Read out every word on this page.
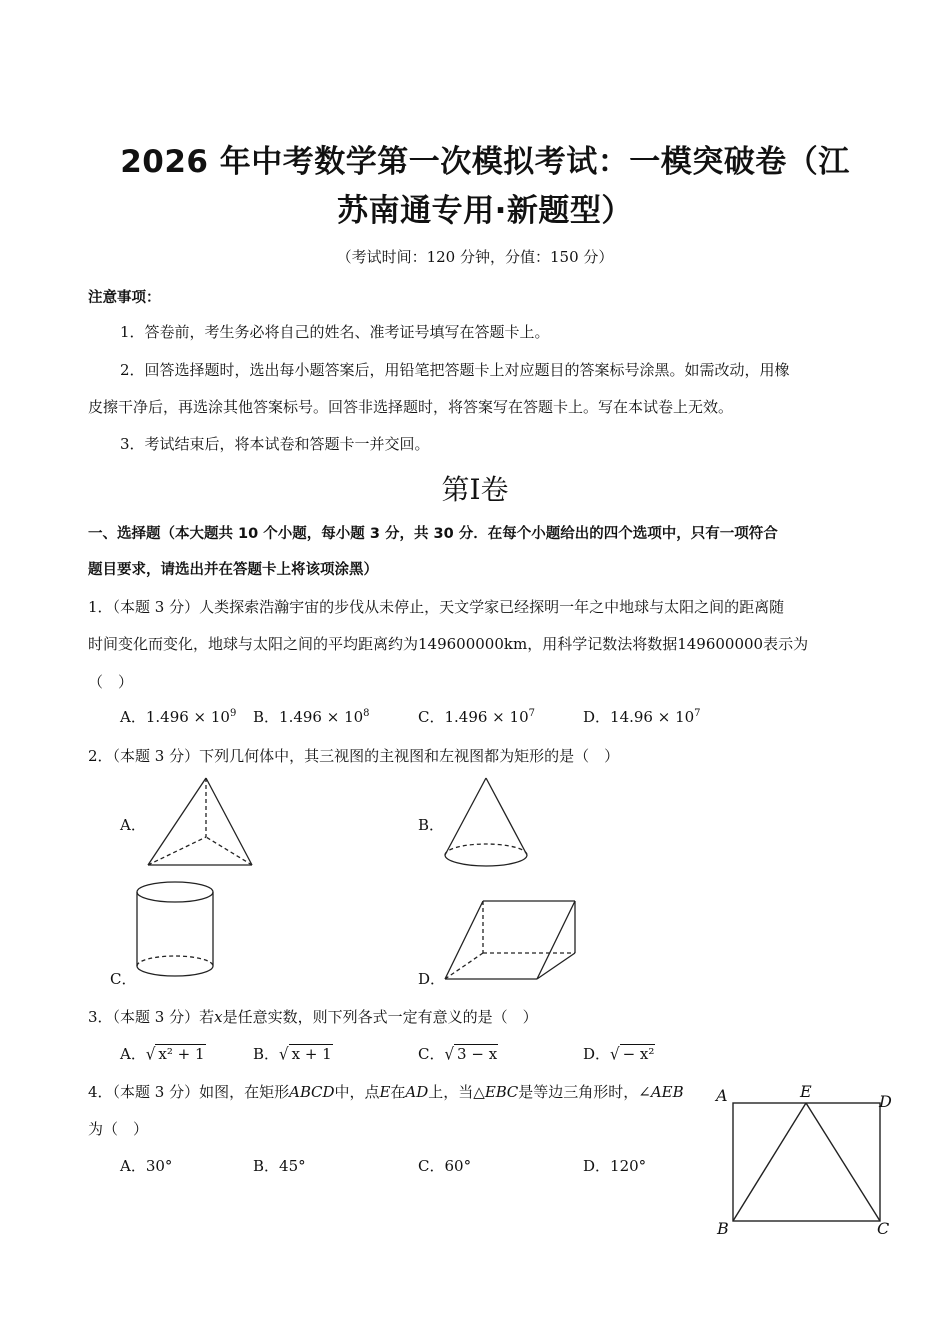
2026 年中考数学第一次模拟考试：一模突破卷（江
苏南通专用·新题型）
（考试时间：120 分钟，分值：150 分）
注意事项：
1．答卷前，考生务必将自己的姓名、准考证号填写在答题卡上。
2．回答选择题时，选出每小题答案后，用铅笔把答题卡上对应题目的答案标号涂黑。如需改动，用橡
皮擦干净后，再选涂其他答案标号。回答非选择题时，将答案写在答题卡上。写在本试卷上无效。
3．考试结束后，将本试卷和答题卡一并交回。
第I卷
一、选择题（本大题共 10 个小题，每小题 3 分，共 30 分．在每个小题给出的四个选项中，只有一项符合
题目要求，请选出并在答题卡上将该项涂黑）
1．（本题 3 分）人类探索浩瀚宇宙的步伐从未停止，天文学家已经探明一年之中地球与太阳之间的距离随
时间变化而变化，地球与太阳之间的平均距离约为149600000km，用科学记数法将数据149600000表示为
（　）
A．$1.496 \times 10^9$ B．$1.496 \times 10^8$	C．$1.496 \times 10^7$	D．$14.96 \times 10^7$
2．（本题 3 分）下列几何体中，其三视图的主视图和左视图都为矩形的是（　）
A．	B．
C．	D．
3．（本题 3 分）若x是任意实数，则下列各式一定有意义的是（　）
A．√ x² + 1	B．√ x + 1	C．√ 3 − x	D．√ − x²
4．（本题 3 分）如图，在矩形𝐴𝐵𝐶𝐷中，点𝐸在𝐴𝐷上，当△𝐸𝐵𝐶是等边三角形时，∠𝐴𝐸𝐵
为（　）
A．30°	B．45°	C．60°	D．120°
A	E
D
B	C
